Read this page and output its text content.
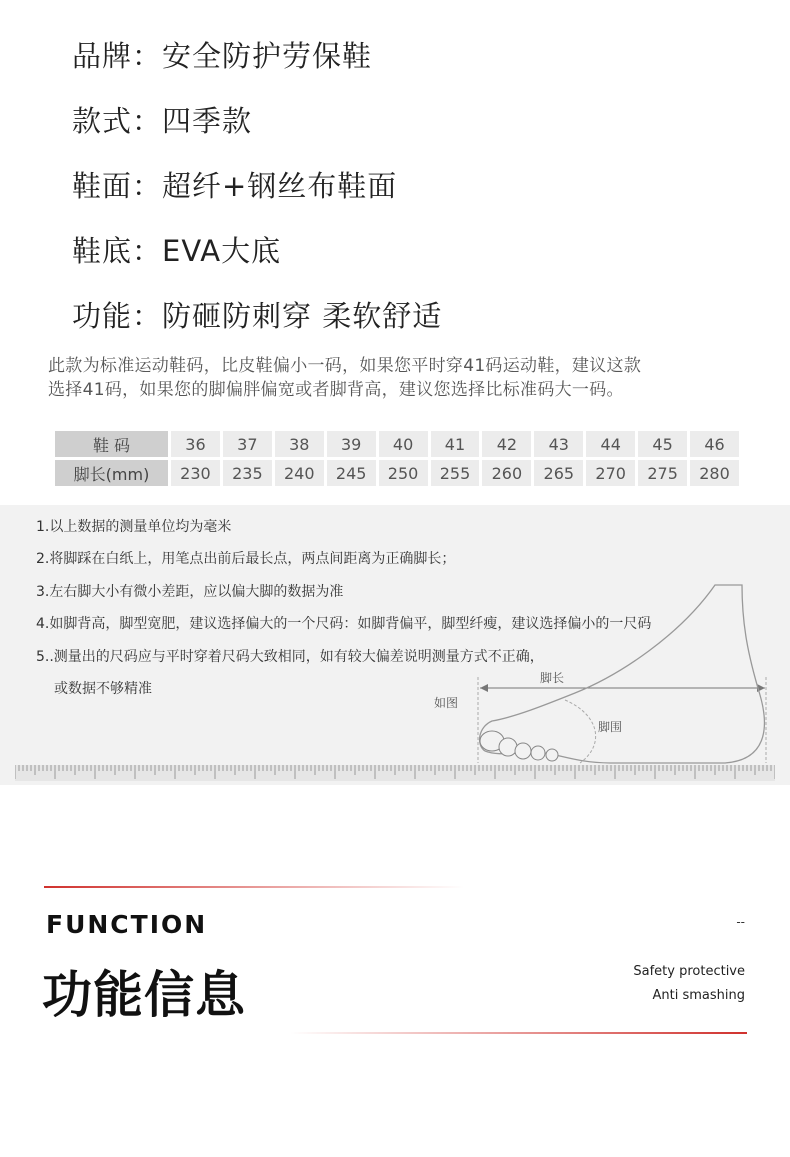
品牌：安全防护劳保鞋
款式：四季款
鞋面：超纤+钢丝布鞋面
鞋底：EVA大底
功能：防砸防刺穿 柔软舒适
此款为标准运动鞋码，比皮鞋偏小一码，如果您平时穿41码运动鞋，建议这款
选择41码，如果您的脚偏胖偏宽或者脚背高，建议您选择比标准码大一码。
鞋 码	36	37	38	39	40	41	42	43	44	45	46
脚长(mm)	230	235	240	245	250	255	260	265	270	275	280
1.以上数据的测量单位均为毫米
2.将脚踩在白纸上，用笔点出前后最长点，两点间距离为正确脚长；
3.左右脚大小有微小差距，应以偏大脚的数据为准
4.如脚背高，脚型宽肥，建议选择偏大的一个尺码：如脚背偏平，脚型纤瘦，建议选择偏小的一尺码
5..测量出的尺码应与平时穿着尺码大致相同，如有较大偏差说明测量方式不正确，
或数据不够精准
脚长
如图
脚围
FUNCTION
功能信息
--
Safety protective
Anti smashing
